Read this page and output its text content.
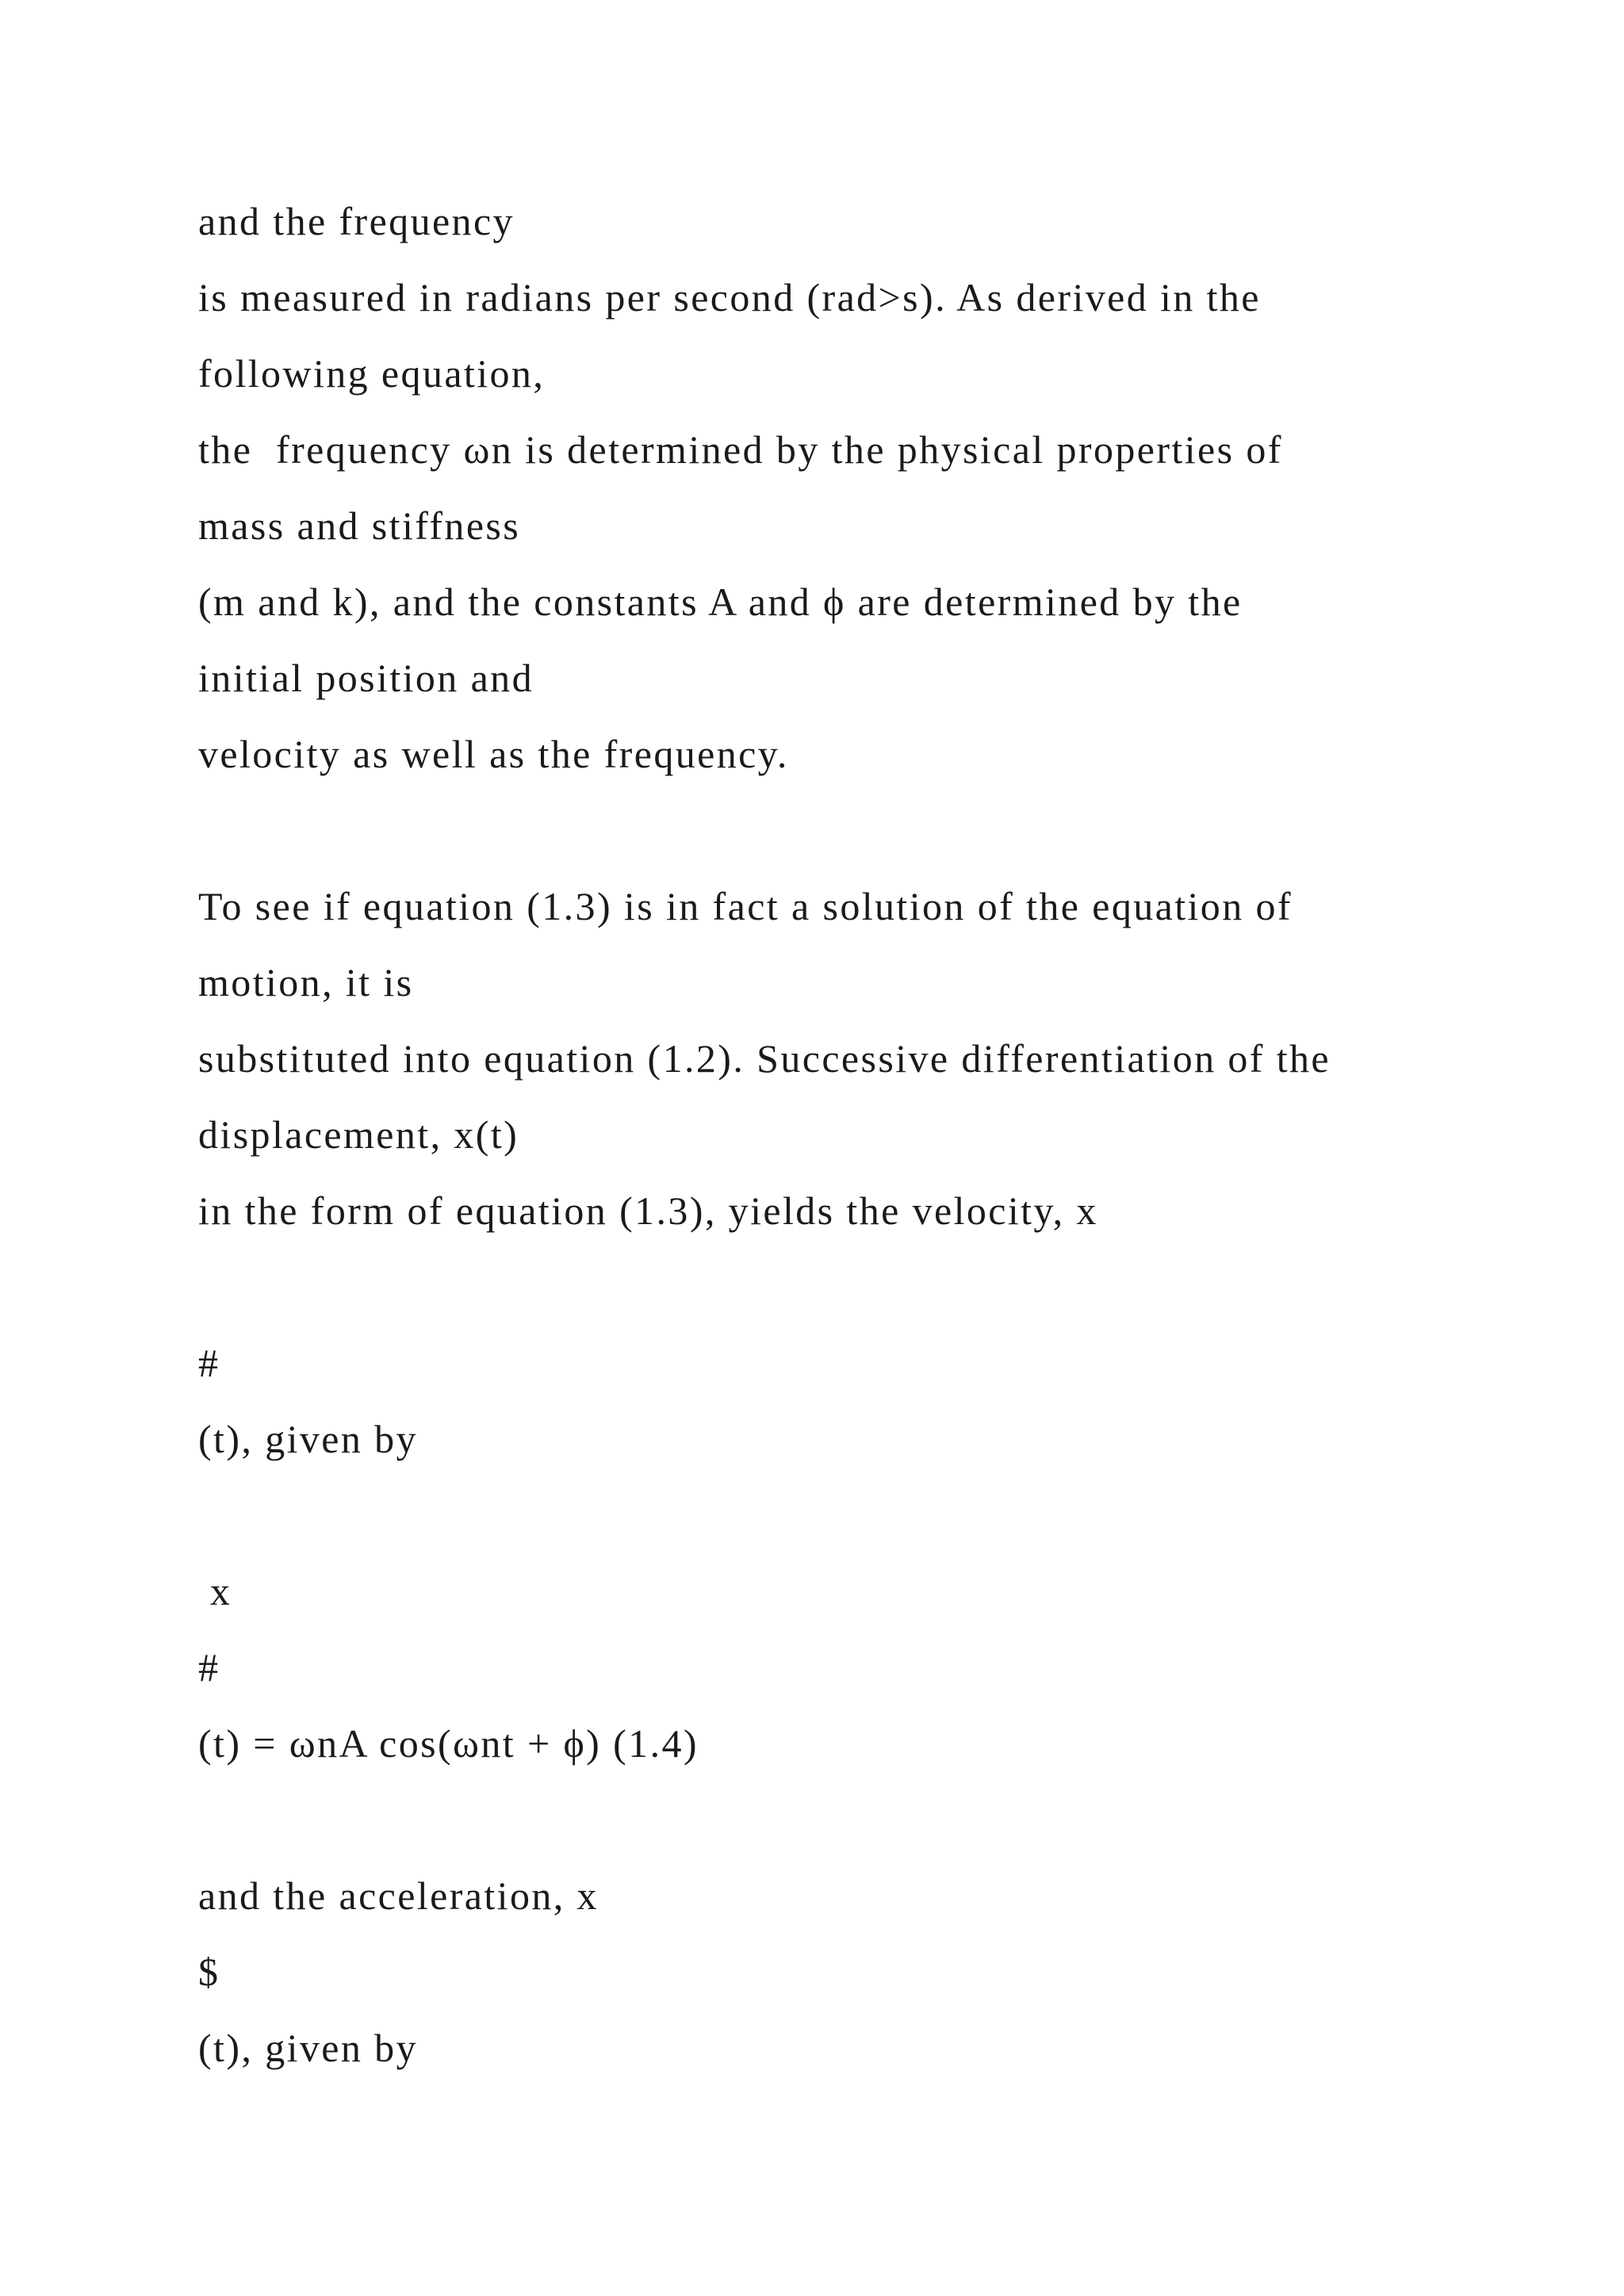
and the frequency

is measured in radians per second (rad>s). As derived in the

following equation,

the  frequency ωn is determined by the physical properties of

mass and stiffness

(m and k), and the constants A and ϕ are determined by the

initial position and

velocity as well as the frequency.

To see if equation (1.3) is in fact a solution of the equation of

motion, it is

substituted into equation (1.2). Successive differentiation of the

displacement, x(t)

in the form of equation (1.3), yields the velocity, x

#

(t), given by

x

#

(t) = ωnA cos(ωnt + ϕ) (1.4)

and the acceleration, x

$

(t), given by
